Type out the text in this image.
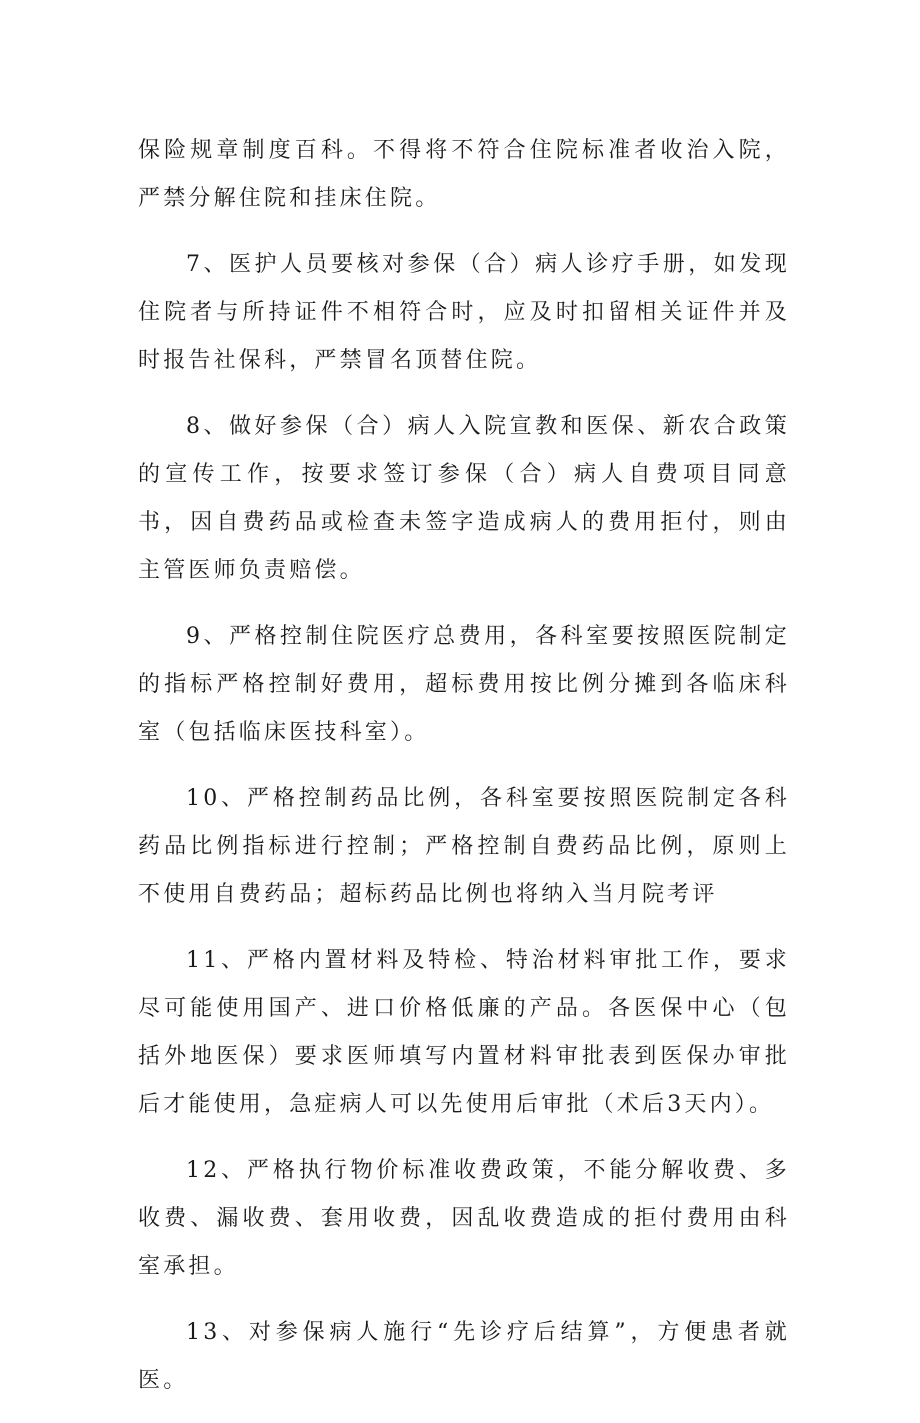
保险规章制度百科。不得将不符合住院标准者收治入院，严禁分解住院和挂床住院。

7、医护人员要核对参保（合）病人诊疗手册，如发现住院者与所持证件不相符合时，应及时扣留相关证件并及时报告社保科，严禁冒名顶替住院。

8、做好参保（合）病人入院宣教和医保、新农合政策的宣传工作，按要求签订参保（合）病人自费项目同意书，因自费药品或检查未签字造成病人的费用拒付，则由主管医师负责赔偿。

9、严格控制住院医疗总费用，各科室要按照医院制定的指标严格控制好费用，超标费用按比例分摊到各临床科室（包括临床医技科室）。

10、严格控制药品比例，各科室要按照医院制定各科药品比例指标进行控制；严格控制自费药品比例，原则上不使用自费药品；超标药品比例也将纳入当月院考评

11、严格内置材料及特检、特治材料审批工作，要求尽可能使用国产、进口价格低廉的产品。各医保中心（包括外地医保）要求医师填写内置材料审批表到医保办审批后才能使用，急症病人可以先使用后审批（术后3天内）。

12、严格执行物价标准收费政策，不能分解收费、多收费、漏收费、套用收费，因乱收费造成的拒付费用由科室承担。

13、对参保病人施行“先诊疗后结算”，方便患者就医。
